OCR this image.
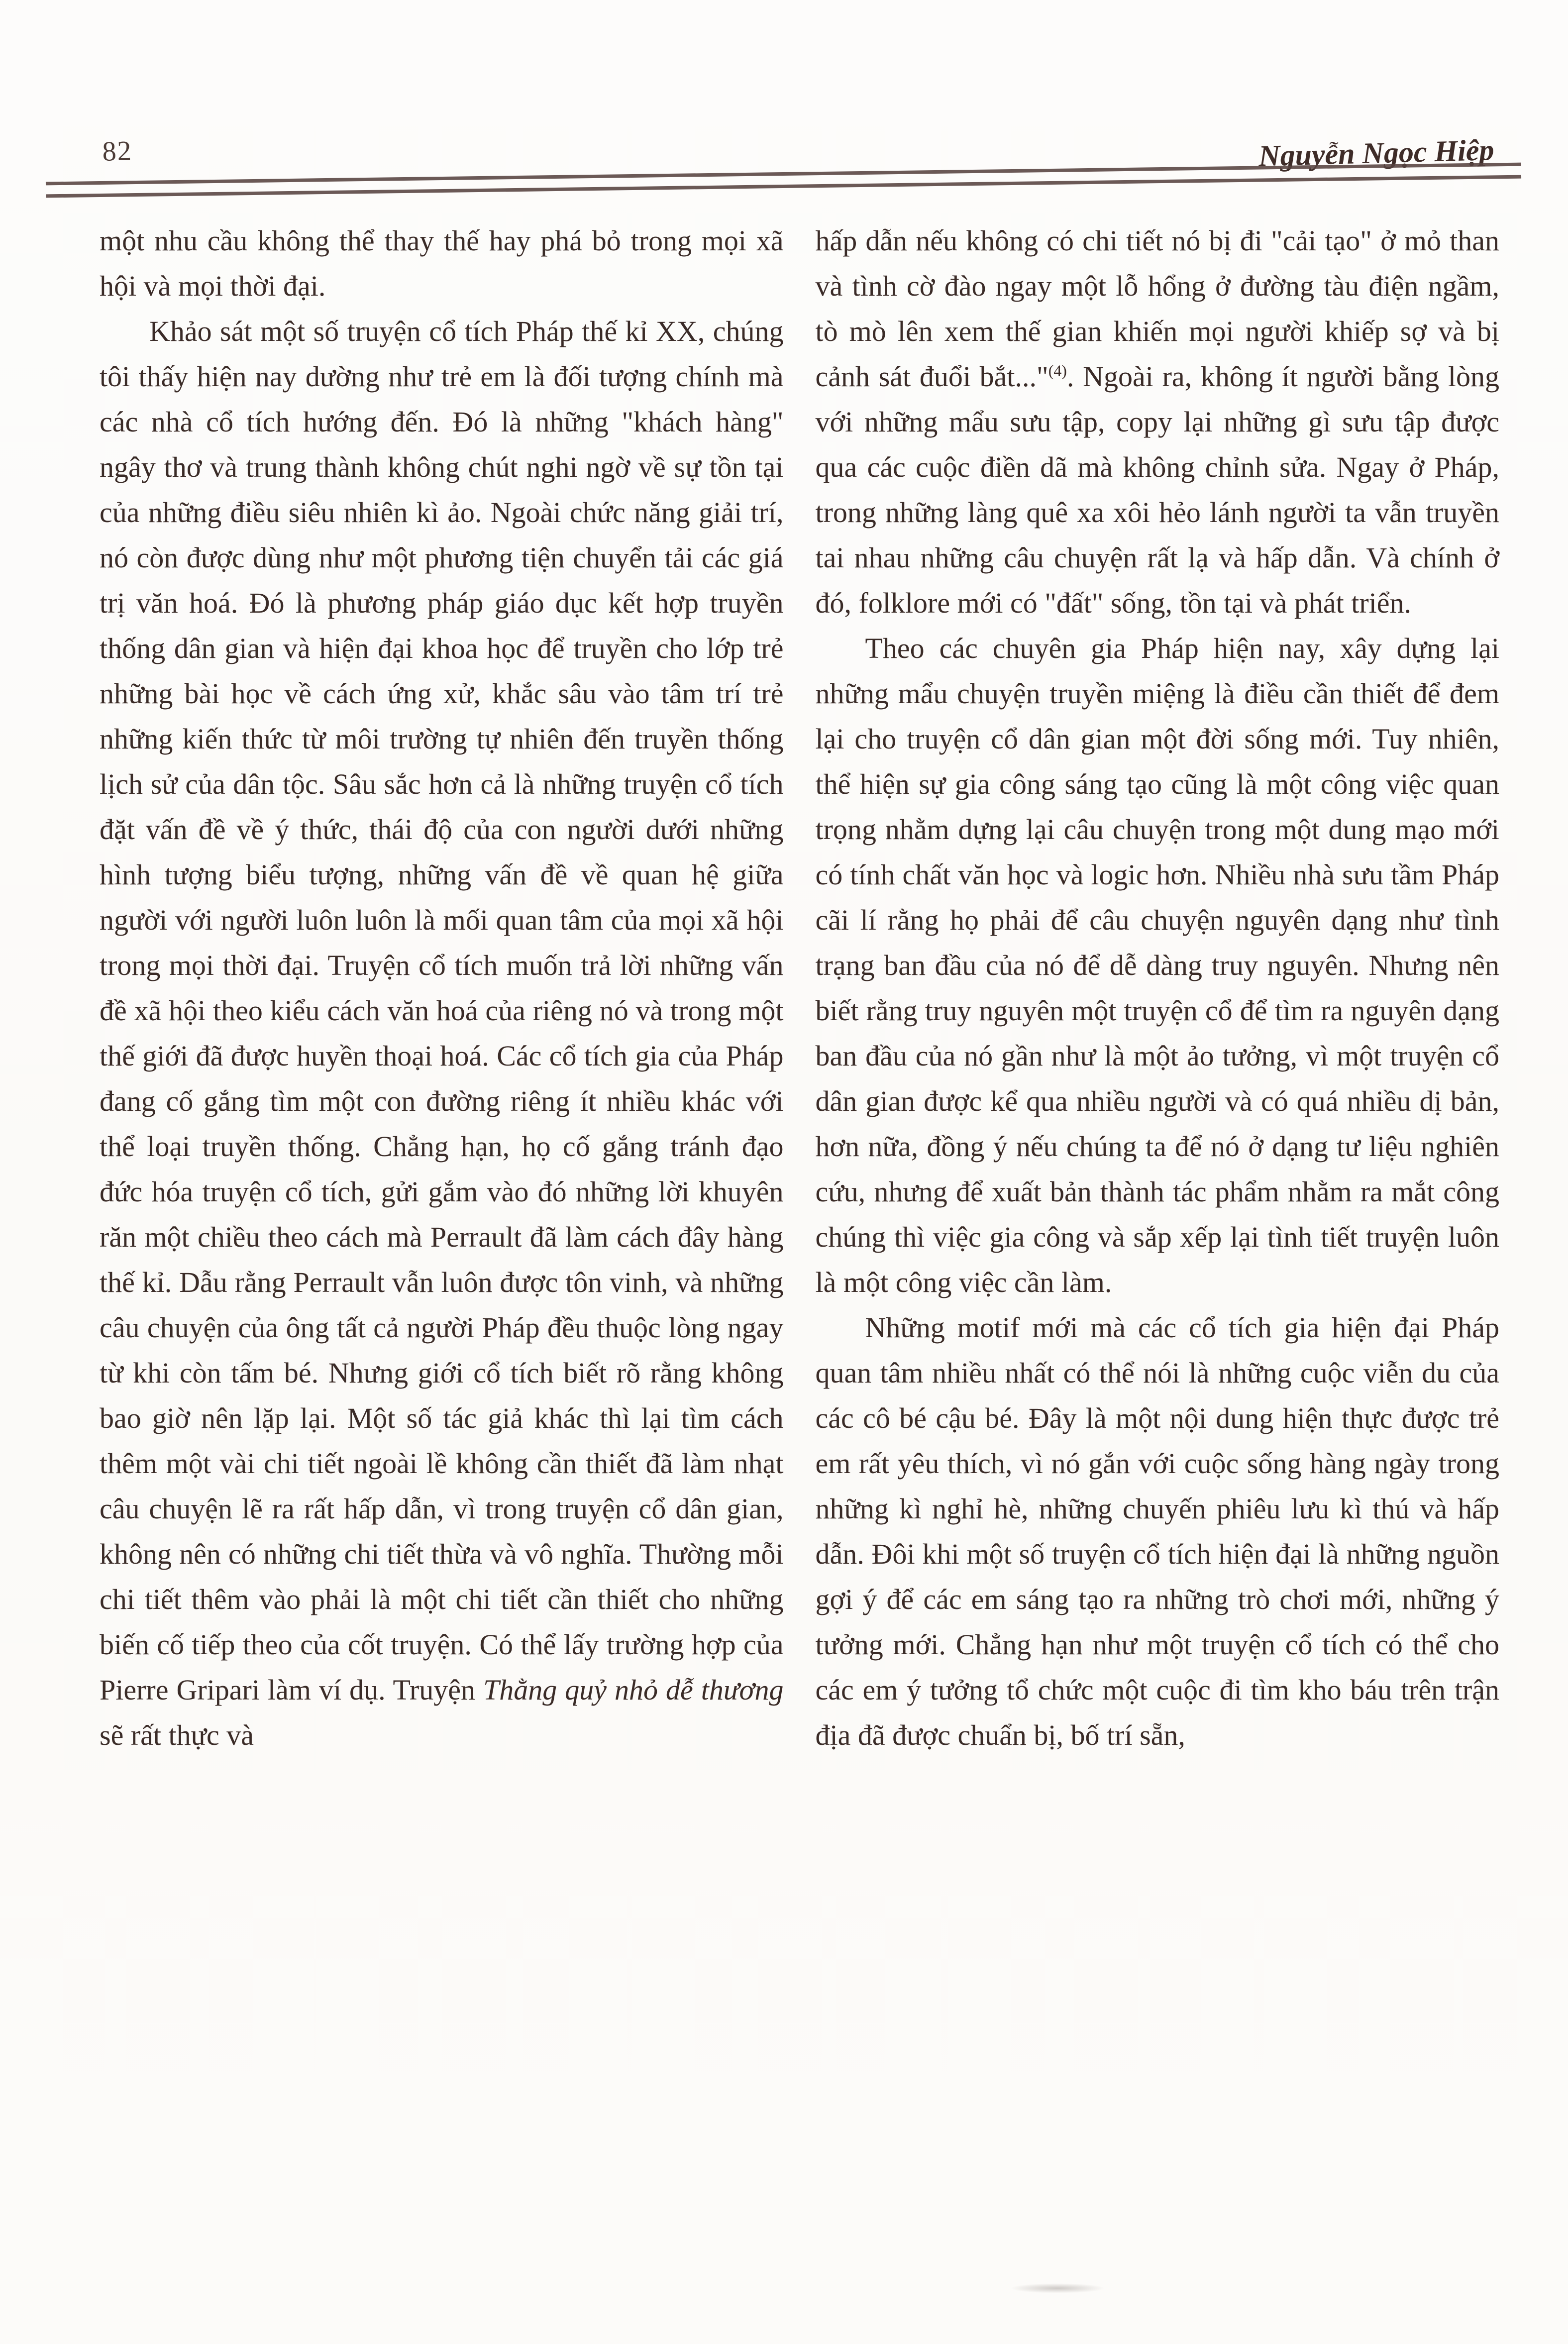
82	Nguyễn Ngọc Hiệp

một nhu cầu không thể thay thế hay phá bỏ trong mọi xã hội và mọi thời đại.

Khảo sát một số truyện cổ tích Pháp thế kỉ XX, chúng tôi thấy hiện nay dường như trẻ em là đối tượng chính mà các nhà cổ tích hướng đến. Đó là những "khách hàng" ngây thơ và trung thành không chút nghi ngờ về sự tồn tại của những điều siêu nhiên kì ảo. Ngoài chức năng giải trí, nó còn được dùng như một phương tiện chuyển tải các giá trị văn hoá. Đó là phương pháp giáo dục kết hợp truyền thống dân gian và hiện đại khoa học để truyền cho lớp trẻ những bài học về cách ứng xử, khắc sâu vào tâm trí trẻ những kiến thức từ môi trường tự nhiên đến truyền thống lịch sử của dân tộc. Sâu sắc hơn cả là những truyện cổ tích đặt vấn đề về ý thức, thái độ của con người dưới những hình tượng biểu tượng, những vấn đề về quan hệ giữa người với người luôn luôn là mối quan tâm của mọi xã hội trong mọi thời đại. Truyện cổ tích muốn trả lời những vấn đề xã hội theo kiểu cách văn hoá của riêng nó và trong một thế giới đã được huyền thoại hoá. Các cổ tích gia của Pháp đang cố gắng tìm một con đường riêng ít nhiều khác với thể loại truyền thống. Chẳng hạn, họ cố gắng tránh đạo đức hóa truyện cổ tích, gửi gắm vào đó những lời khuyên răn một chiều theo cách mà Perrault đã làm cách đây hàng thế kỉ. Dẫu rằng Perrault vẫn luôn được tôn vinh, và những câu chuyện của ông tất cả người Pháp đều thuộc lòng ngay từ khi còn tấm bé. Nhưng giới cổ tích biết rõ rằng không bao giờ nên lặp lại. Một số tác giả khác thì lại tìm cách thêm một vài chi tiết ngoài lề không cần thiết đã làm nhạt câu chuyện lẽ ra rất hấp dẫn, vì trong truyện cổ dân gian, không nên có những chi tiết thừa và vô nghĩa. Thường mỗi chi tiết thêm vào phải là một chi tiết cần thiết cho những biến cố tiếp theo của cốt truyện. Có thể lấy trường hợp của Pierre Gripari làm ví dụ. Truyện Thằng quỷ nhỏ dễ thương sẽ rất thực và

hấp dẫn nếu không có chi tiết nó bị đi "cải tạo" ở mỏ than và tình cờ đào ngay một lỗ hổng ở đường tàu điện ngầm, tò mò lên xem thế gian khiến mọi người khiếp sợ và bị cảnh sát đuổi bắt..."$^{(4)}$. Ngoài ra, không ít người bằng lòng với những mẩu sưu tập, copy lại những gì sưu tập được qua các cuộc điền dã mà không chỉnh sửa. Ngay ở Pháp, trong những làng quê xa xôi hẻo lánh người ta vẫn truyền tai nhau những câu chuyện rất lạ và hấp dẫn. Và chính ở đó, folklore mới có "đất" sống, tồn tại và phát triển.

Theo các chuyên gia Pháp hiện nay, xây dựng lại những mẩu chuyện truyền miệng là điều cần thiết để đem lại cho truyện cổ dân gian một đời sống mới. Tuy nhiên, thể hiện sự gia công sáng tạo cũng là một công việc quan trọng nhằm dựng lại câu chuyện trong một dung mạo mới có tính chất văn học và logic hơn. Nhiều nhà sưu tầm Pháp cãi lí rằng họ phải để câu chuyện nguyên dạng như tình trạng ban đầu của nó để dễ dàng truy nguyên. Nhưng nên biết rằng truy nguyên một truyện cổ để tìm ra nguyên dạng ban đầu của nó gần như là một ảo tưởng, vì một truyện cổ dân gian được kể qua nhiều người và có quá nhiều dị bản, hơn nữa, đồng ý nếu chúng ta để nó ở dạng tư liệu nghiên cứu, nhưng để xuất bản thành tác phẩm nhằm ra mắt công chúng thì việc gia công và sắp xếp lại tình tiết truyện luôn là một công việc cần làm.

Những motif mới mà các cổ tích gia hiện đại Pháp quan tâm nhiều nhất có thể nói là những cuộc viễn du của các cô bé cậu bé. Đây là một nội dung hiện thực được trẻ em rất yêu thích, vì nó gắn với cuộc sống hàng ngày trong những kì nghỉ hè, những chuyến phiêu lưu kì thú và hấp dẫn. Đôi khi một số truyện cổ tích hiện đại là những nguồn gợi ý để các em sáng tạo ra những trò chơi mới, những ý tưởng mới. Chẳng hạn như một truyện cổ tích có thể cho các em ý tưởng tổ chức một cuộc đi tìm kho báu trên trận địa đã được chuẩn bị, bố trí sẵn,
